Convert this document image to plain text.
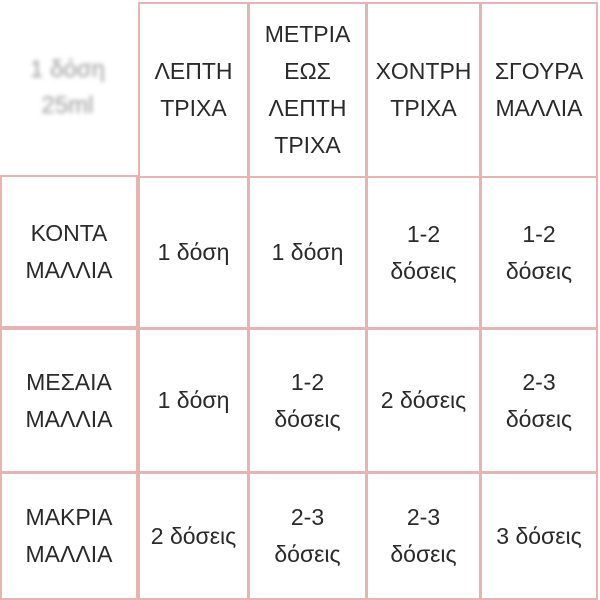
1 δόση
25ml
ΛΕΠΤΗ
ΤΡΙΧΑ
ΜΕΤΡΙΑ
ΕΩΣ
ΛΕΠΤΗ
ΤΡΙΧΑ
ΧΟΝΤΡΗ
ΤΡΙΧΑ
ΣΓΟΥΡΑ
ΜΑΛΛΙΑ
ΚΟΝΤΑ
ΜΑΛΛΙΑ
1 δόση	1 δόση
1-2
δόσεις
1-2
δόσεις
ΜΕΣΑΙΑ
ΜΑΛΛΙΑ
1 δόση
1-2
δόσεις
2 δόσεις
2-3
δόσεις
ΜΑΚΡΙΑ
ΜΑΛΛΙΑ
2 δόσεις
2-3
δόσεις
2-3
δόσεις
3 δόσεις
